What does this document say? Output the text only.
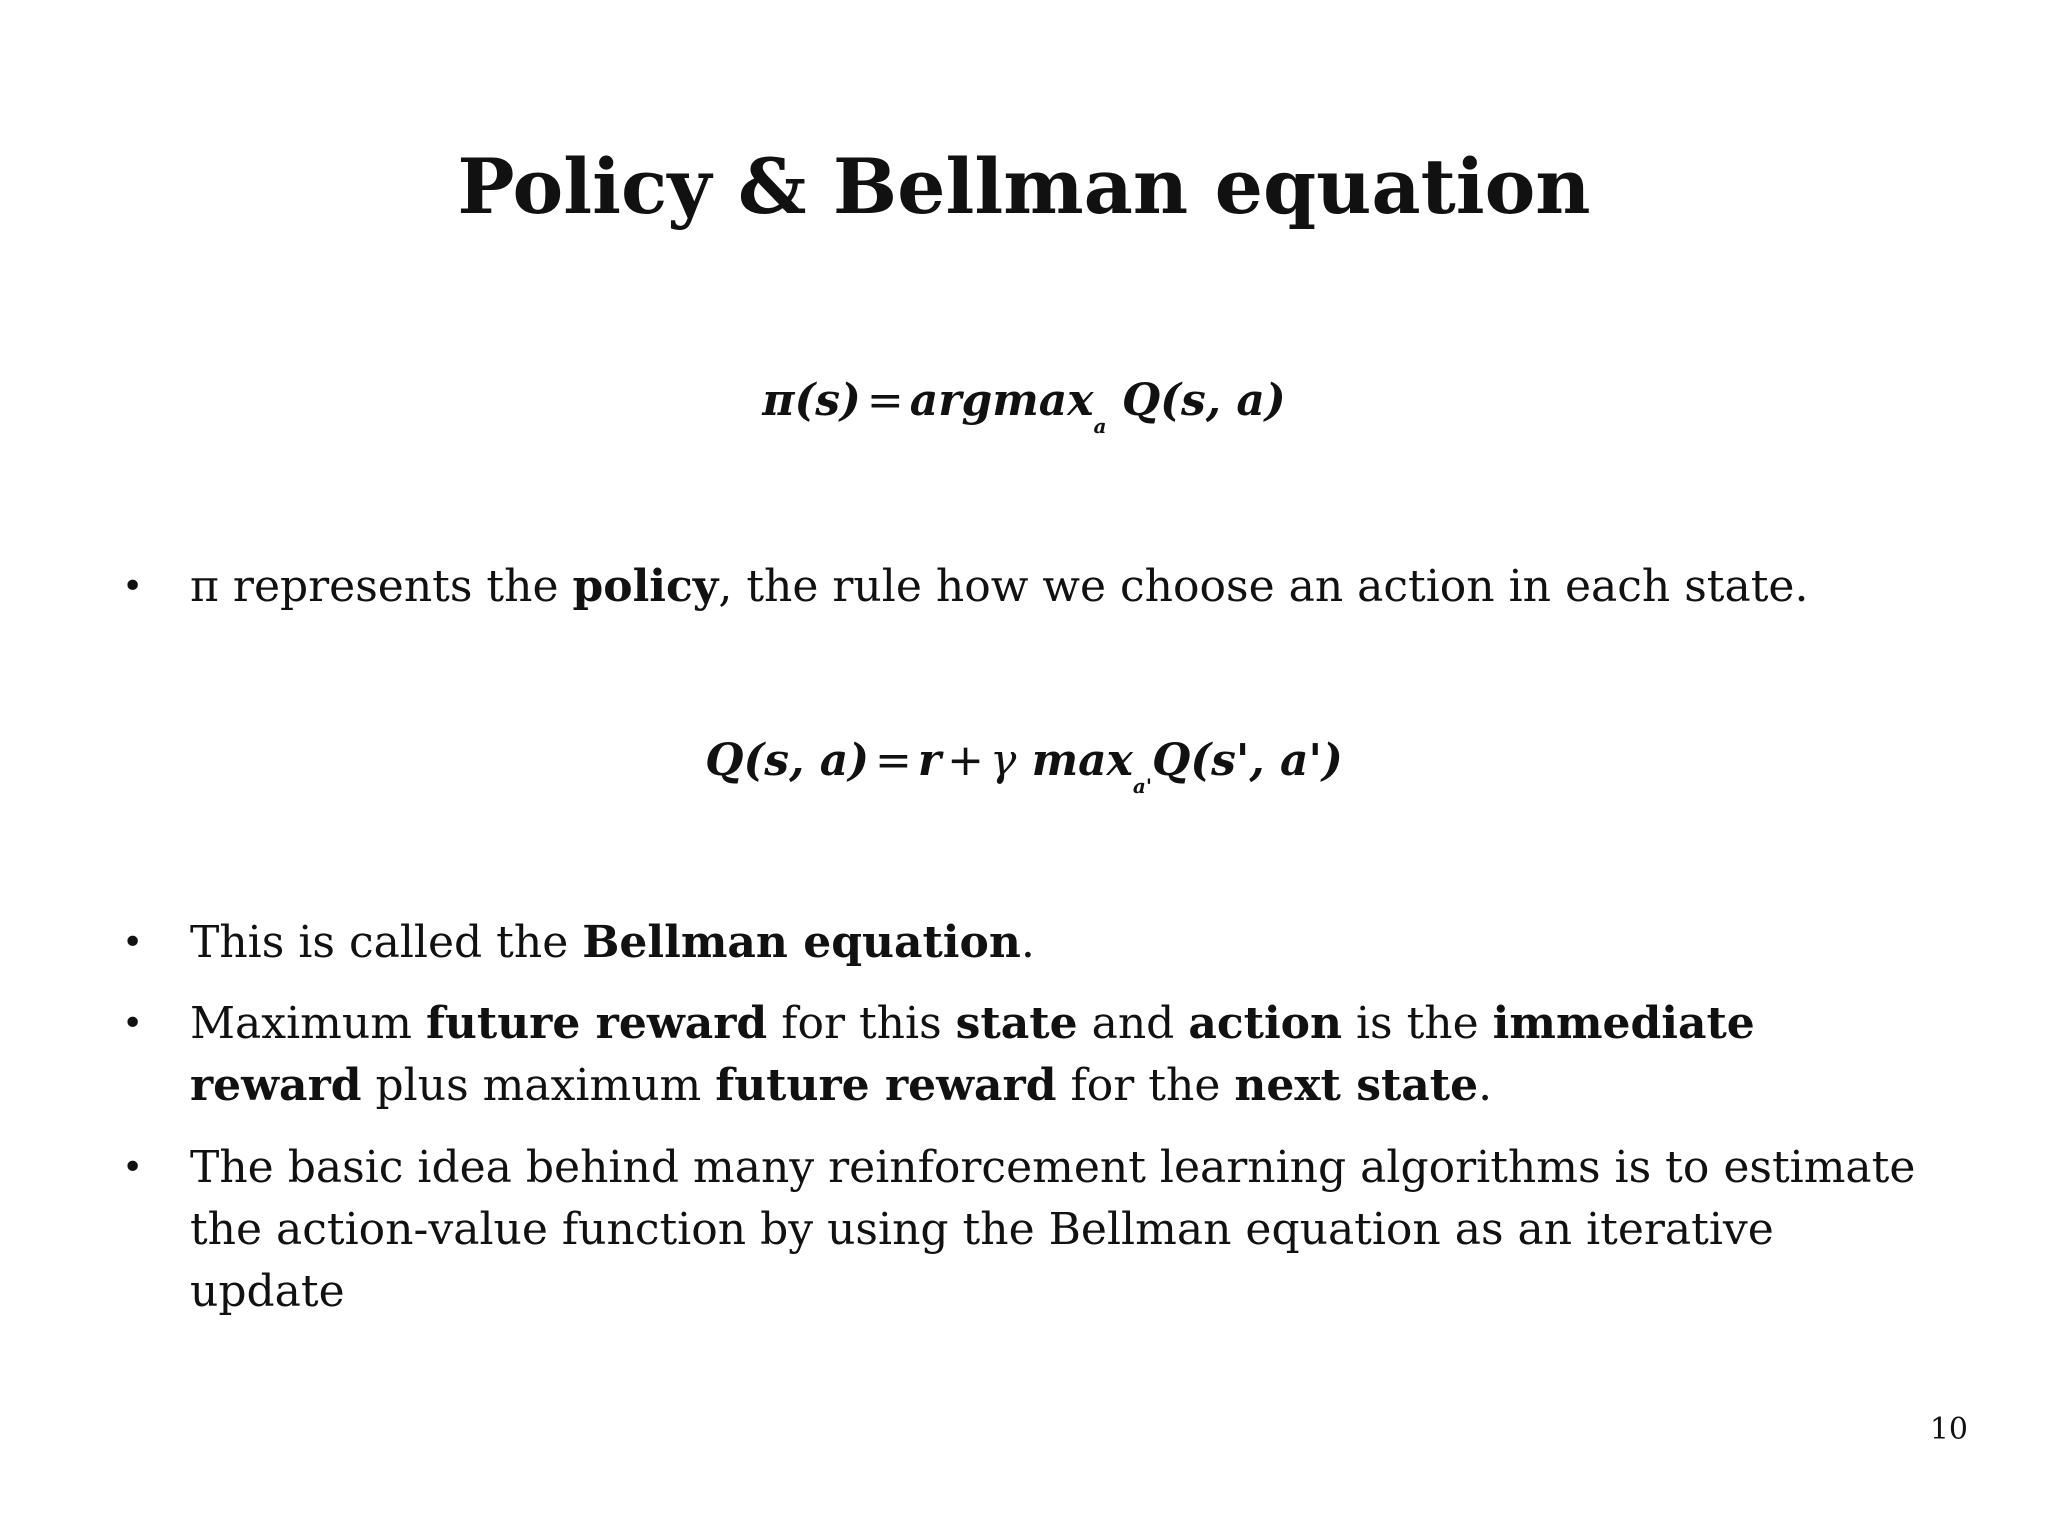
Policy & Bellman equation
π(s) = argmax$_a$ Q(s, a)
• π represents the policy, the rule how we choose an action in each state.
Q(s, a) = r + γ $\max_{a'}Q(s'$, a')
• This is called the Bellman equation.
• Maximum future reward for this state and action is the immediate reward plus maximum future reward for the next state.
• The basic idea behind many reinforcement learning algorithms is to estimate the action-value function by using the Bellman equation as an iterative update
10
